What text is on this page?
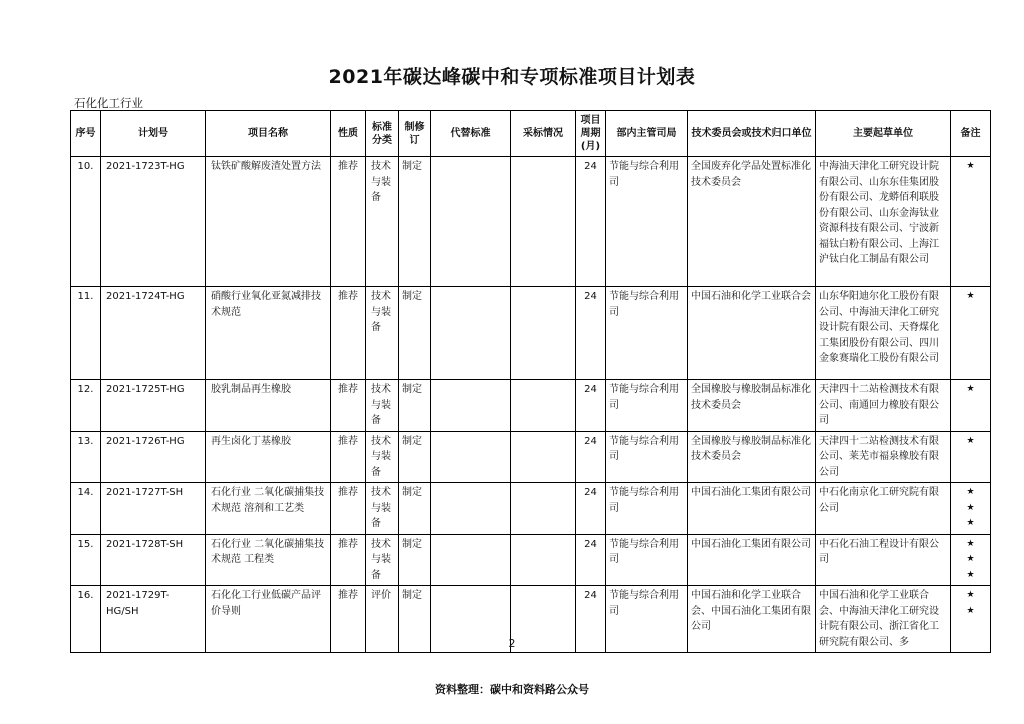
2021年碳达峰碳中和专项标准项目计划表
石化化工行业
序号	计划号	项目名称	性质	标准分类	制修订	代替标准	采标情况	项目周期(月)	部内主管司局	技术委员会或技术归口单位	主要起草单位	备注
10.	2021-1723T-HG	钛铁矿酸解废渣处置方法	推荐	技术与装备	制定			24	节能与综合利用司	全国废弃化学品处置标准化技术委员会	中海油天津化工研究设计院有限公司、山东东佳集团股份有限公司、龙蟒佰利联股份有限公司、山东金海钛业资源科技有限公司、宁波新福钛白粉有限公司、上海江沪钛白化工制品有限公司	★
11.	2021-1724T-HG	硝酸行业氧化亚氮减排技术规范	推荐	技术与装备	制定			24	节能与综合利用司	中国石油和化学工业联合会	山东华阳迪尔化工股份有限公司、中海油天津化工研究设计院有限公司、天脊煤化工集团股份有限公司、四川金象赛瑞化工股份有限公司	★
12.	2021-1725T-HG	胶乳制品再生橡胶	推荐	技术与装备	制定			24	节能与综合利用司	全国橡胶与橡胶制品标准化技术委员会	天津四十二站检测技术有限公司、南通回力橡胶有限公司	★
13.	2021-1726T-HG	再生卤化丁基橡胶	推荐	技术与装备	制定			24	节能与综合利用司	全国橡胶与橡胶制品标准化技术委员会	天津四十二站检测技术有限公司、莱芜市福泉橡胶有限公司	★
14.	2021-1727T-SH	石化行业 二氧化碳捕集技术规范 溶剂和工艺类	推荐	技术与装备	制定			24	节能与综合利用司	中国石油化工集团有限公司	中石化南京化工研究院有限公司	★
★
★
15.	2021-1728T-SH	石化行业 二氧化碳捕集技术规范 工程类	推荐	技术与装备	制定			24	节能与综合利用司	中国石油化工集团有限公司	中石化石油工程设计有限公司	★
★
★
16.	2021-1729T-HG/SH	石化化工行业低碳产品评价导则	推荐	评价	制定			24	节能与综合利用司	中国石油和化学工业联合会、中国石油化工集团有限公司	中国石油和化学工业联合会、中海油天津化工研究设计院有限公司、浙江省化工研究院有限公司、多	★
★
2
资料整理：碳中和资料路公众号
